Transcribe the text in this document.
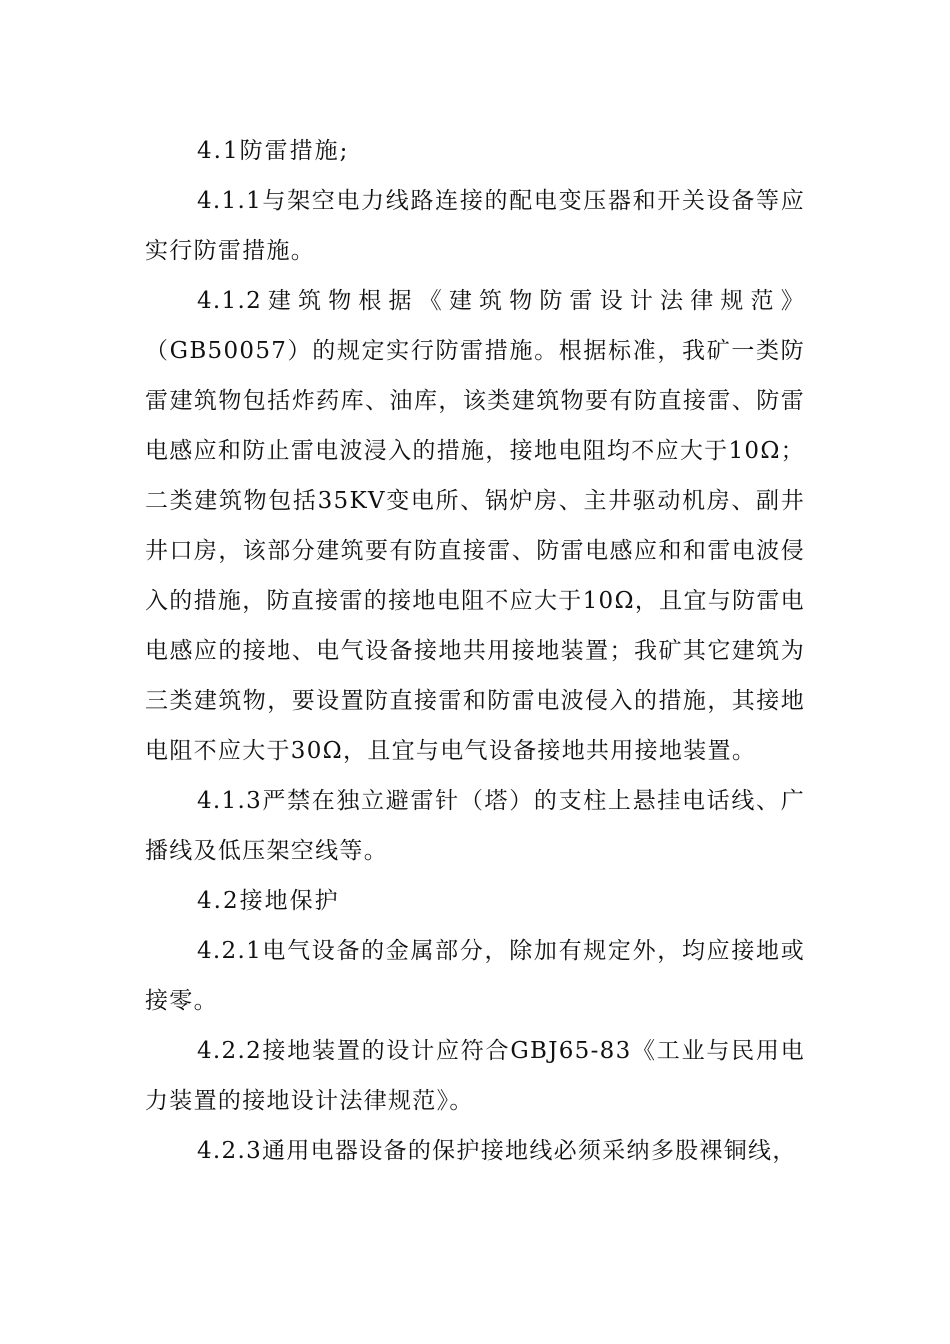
4.1防雷措施;

4.1.1与架空电力线路连接的配电变压器和开关设备等应实行防雷措施。

4.1.2建筑物根据《建筑物防雷设计法律规范》（GB50057）的规定实行防雷措施。根据标准，我矿一类防雷建筑物包括炸药库、油库，该类建筑物要有防直接雷、防雷电感应和防止雷电波浸入的措施，接地电阻均不应大于10Ω；二类建筑物包括35KV变电所、锅炉房、主井驱动机房、副井井口房，该部分建筑要有防直接雷、防雷电感应和和雷电波侵入的措施，防直接雷的接地电阻不应大于10Ω，且宜与防雷电电感应的接地、电气设备接地共用接地装置；我矿其它建筑为三类建筑物，要设置防直接雷和防雷电波侵入的措施，其接地电阻不应大于30Ω，且宜与电气设备接地共用接地装置。

4.1.3严禁在独立避雷针（塔）的支柱上悬挂电话线、广播线及低压架空线等。

4.2接地保护

4.2.1电气设备的金属部分，除加有规定外，均应接地或接零。

4.2.2接地装置的设计应符合GBJ65-83《工业与民用电力装置的接地设计法律规范》。

4.2.3通用电器设备的保护接地线必须采纳多股裸铜线，
